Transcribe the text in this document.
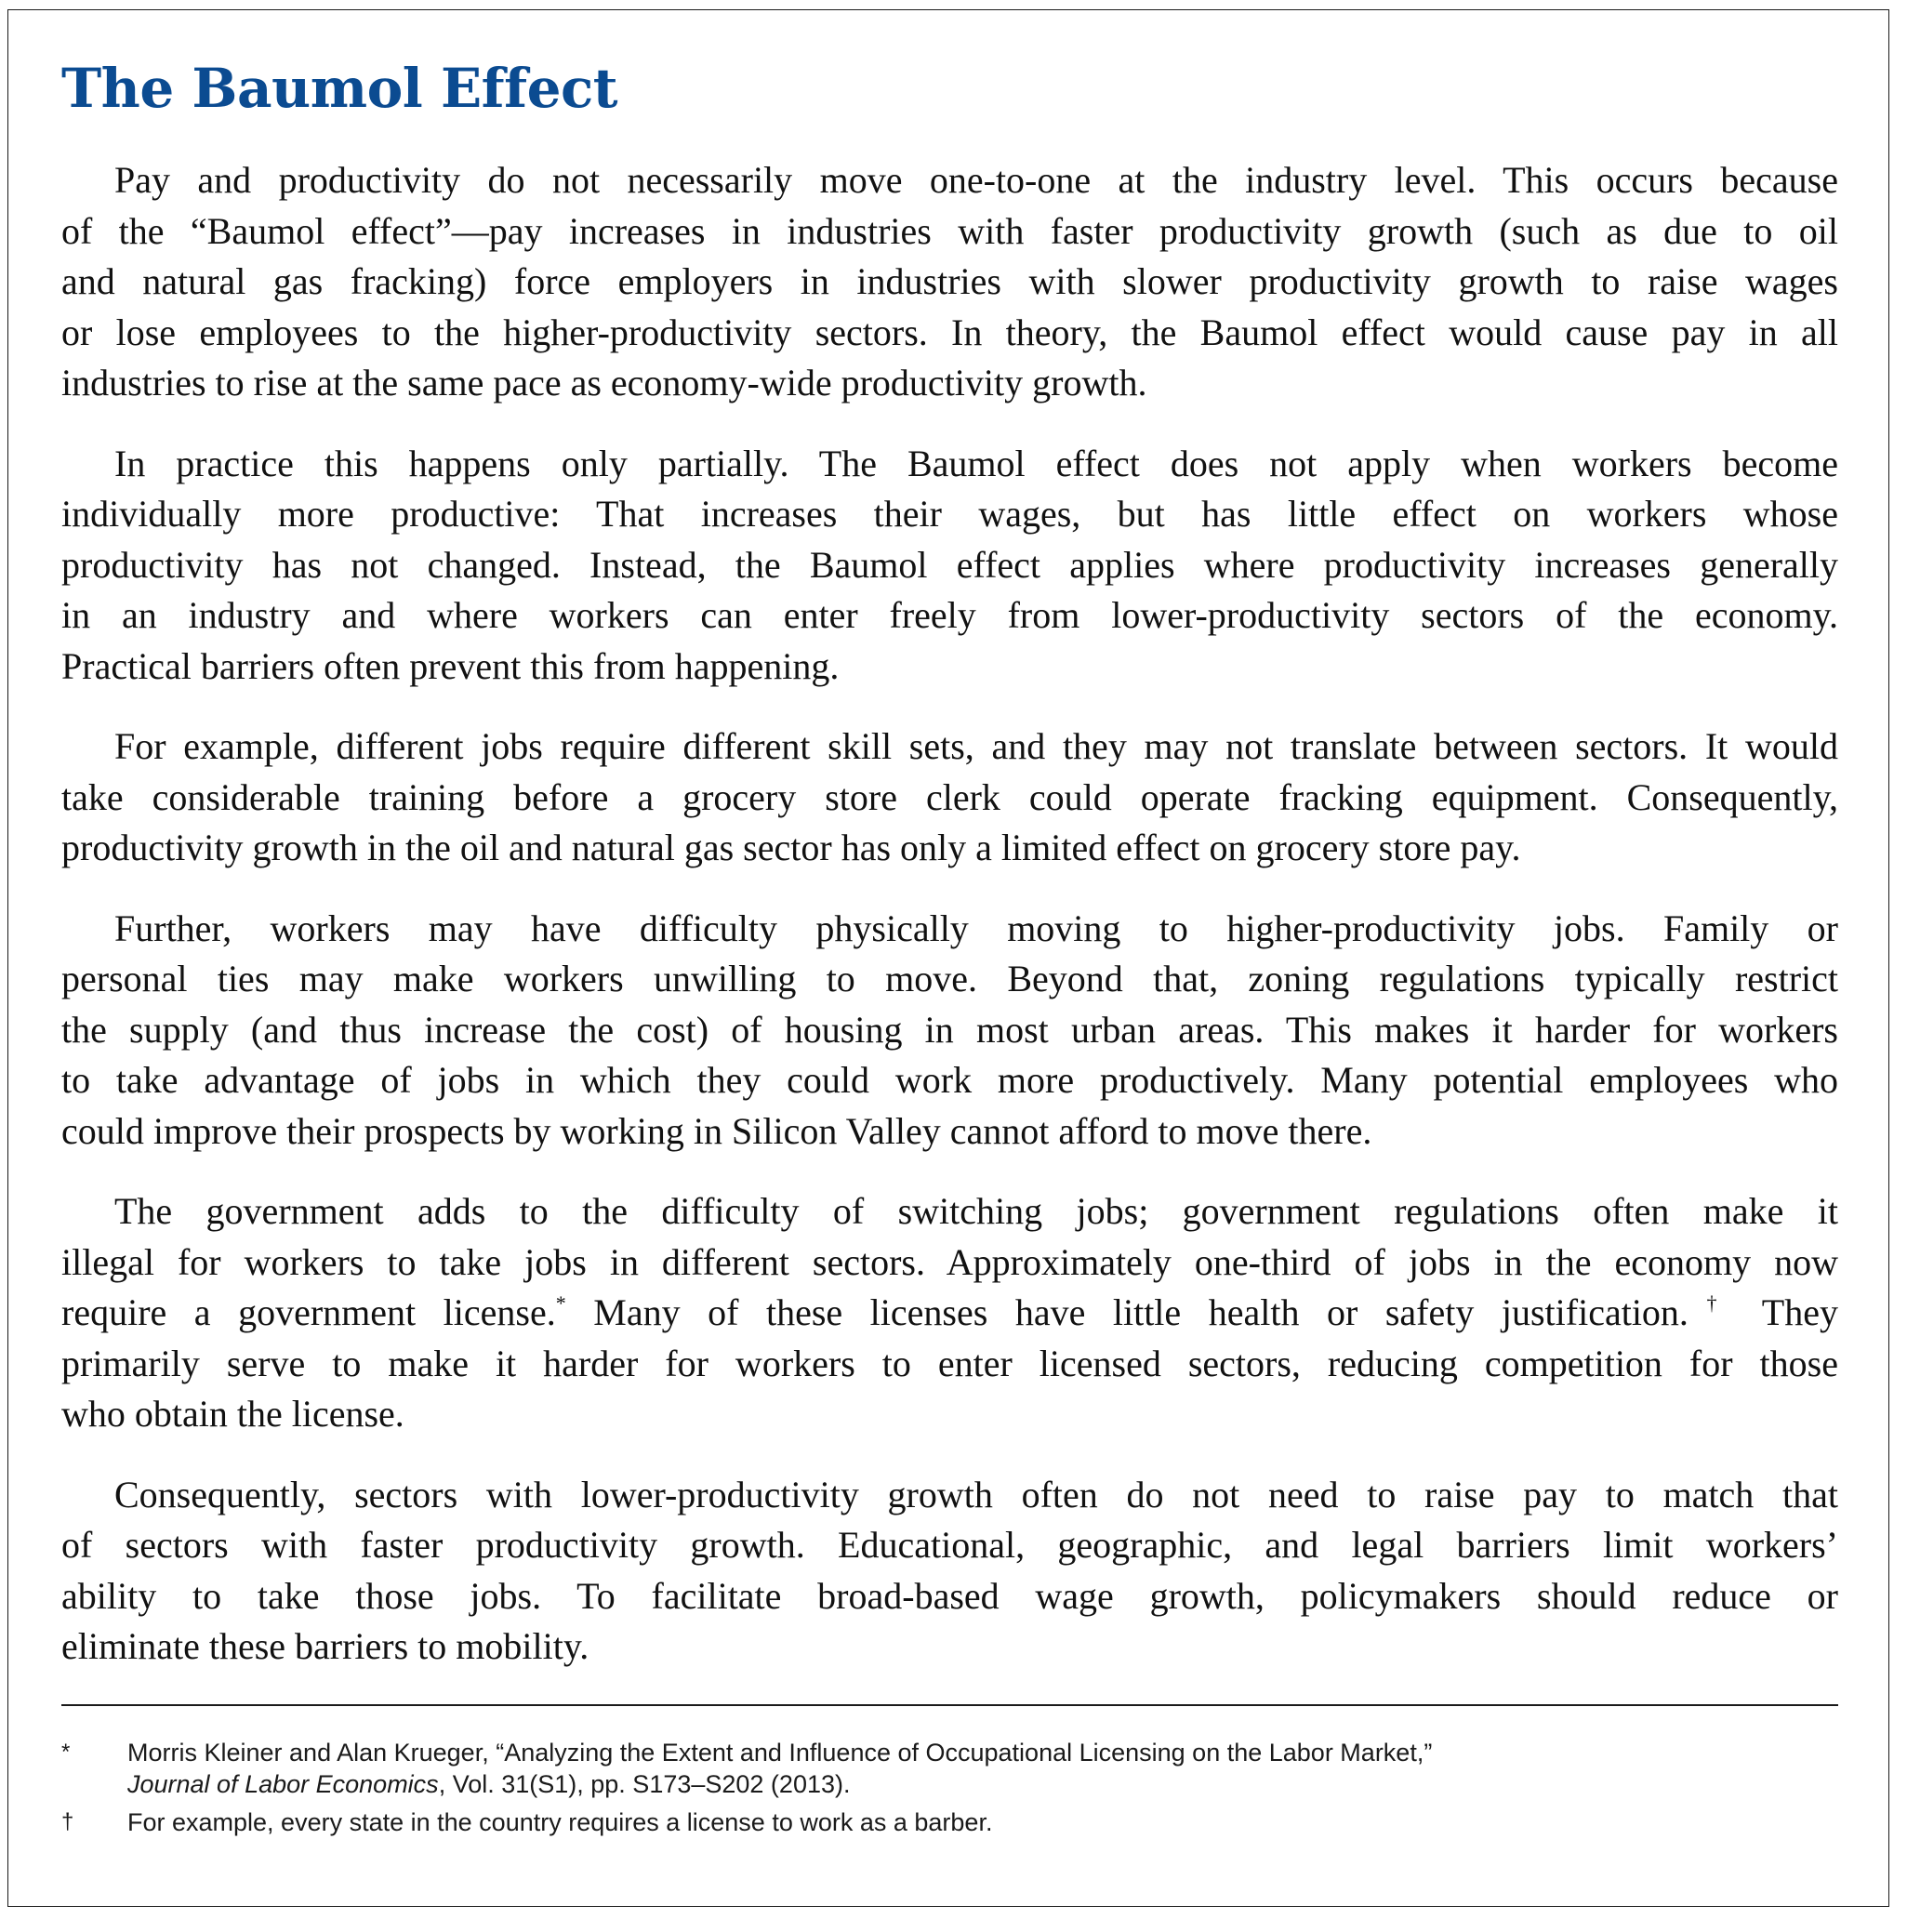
The Baumol Effect

Pay and productivity do not necessarily move one-to-one at the industry level. This occurs because
of the “Baumol effect”—pay increases in industries with faster productivity growth (such as due to oil
and natural gas fracking) force employers in industries with slower productivity growth to raise wages
or lose employees to the higher-productivity sectors. In theory, the Baumol effect would cause pay in all
industries to rise at the same pace as economy-wide productivity growth.

In practice this happens only partially. The Baumol effect does not apply when workers become
individually more productive: That increases their wages, but has little effect on workers whose
productivity has not changed. Instead, the Baumol effect applies where productivity increases generally
in an industry and where workers can enter freely from lower-productivity sectors of the economy.
Practical barriers often prevent this from happening.

For example, different jobs require different skill sets, and they may not translate between sectors. It would
take considerable training before a grocery store clerk could operate fracking equipment. Consequently,
productivity growth in the oil and natural gas sector has only a limited effect on grocery store pay.

Further, workers may have difficulty physically moving to higher-productivity jobs. Family or
personal ties may make workers unwilling to move. Beyond that, zoning regulations typically restrict
the supply (and thus increase the cost) of housing in most urban areas. This makes it harder for workers
to take advantage of jobs in which they could work more productively. Many potential employees who
could improve their prospects by working in Silicon Valley cannot afford to move there.

The government adds to the difficulty of switching jobs; government regulations often make it
illegal for workers to take jobs in different sectors. Approximately one-third of jobs in the economy now
require a government license.* Many of these licenses have little health or safety justification.† They
primarily serve to make it harder for workers to enter licensed sectors, reducing competition for those
who obtain the license.

Consequently, sectors with lower-productivity growth often do not need to raise pay to match that
of sectors with faster productivity growth. Educational, geographic, and legal barriers limit workers’
ability to take those jobs. To facilitate broad-based wage growth, policymakers should reduce or
eliminate these barriers to mobility.

* Morris Kleiner and Alan Krueger, “Analyzing the Extent and Influence of Occupational Licensing on the Labor Market,”
Journal of Labor Economics, Vol. 31(S1), pp. S173–S202 (2013).
† For example, every state in the country requires a license to work as a barber.
